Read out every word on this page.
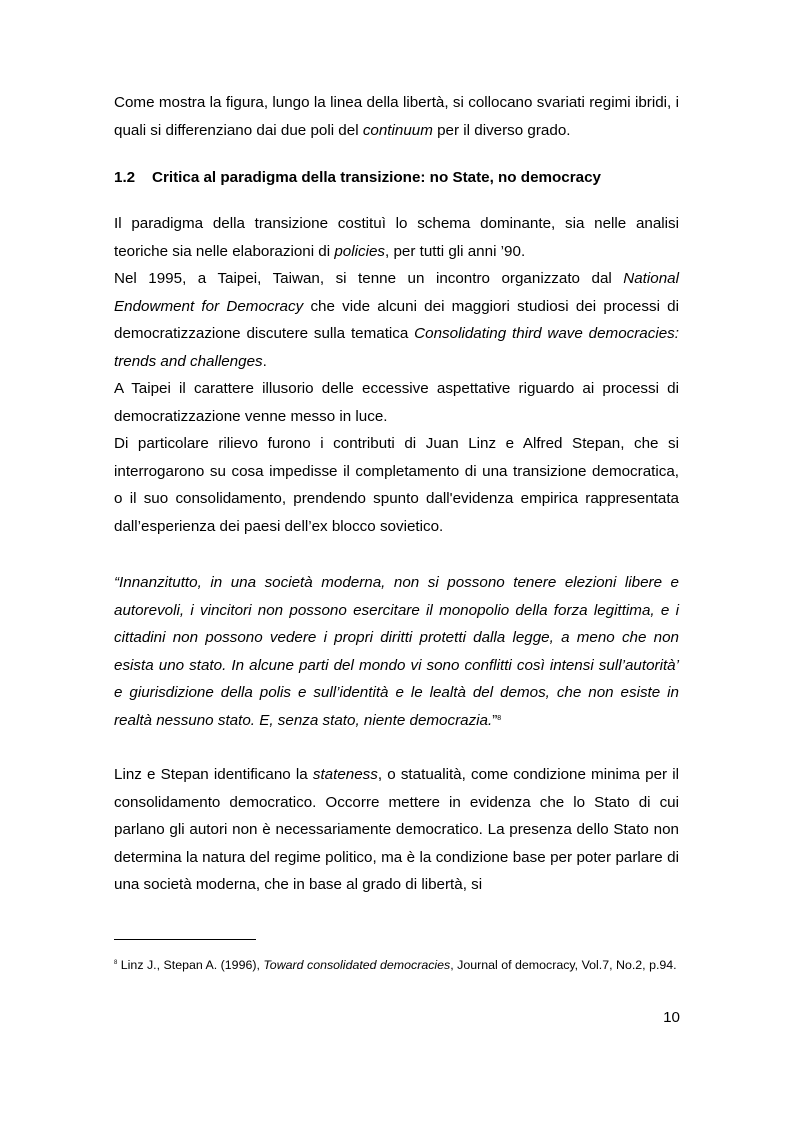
Come mostra la figura, lungo la linea della libertà, si collocano svariati regimi ibridi, i quali si differenziano dai due poli del continuum per il diverso grado.

1.2 Critica al paradigma della transizione: no State, no democracy

Il paradigma della transizione costituì lo schema dominante, sia nelle analisi teoriche sia nelle elaborazioni di policies, per tutti gli anni ’90.

Nel 1995, a Taipei, Taiwan, si tenne un incontro organizzato dal National Endowment for Democracy che vide alcuni dei maggiori studiosi dei processi di democratizzazione discutere sulla tematica Consolidating third wave democracies: trends and challenges.

A Taipei il carattere illusorio delle eccessive aspettative riguardo ai processi di democratizzazione venne messo in luce.

Di particolare rilievo furono i contributi di Juan Linz e Alfred Stepan, che si interrogarono su cosa impedisse il completamento di una transizione democratica, o il suo consolidamento, prendendo spunto dall'evidenza empirica rappresentata dall’esperienza dei paesi dell’ex blocco sovietico.

“Innanzitutto, in una società moderna, non si possono tenere elezioni libere e autorevoli, i vincitori non possono esercitare il monopolio della forza legittima, e i cittadini non possono vedere i propri diritti protetti dalla legge, a meno che non esista uno stato. In alcune parti del mondo vi sono conflitti così intensi sull’autorità’ e giurisdizione della polis e sull’identità e le lealtà del demos, che non esiste in realtà nessuno stato. E, senza stato, niente democrazia.”$^8$

Linz e Stepan identificano la stateness, o statualità, come condizione minima per il consolidamento democratico. Occorre mettere in evidenza che lo Stato di cui parlano gli autori non è necessariamente democratico. La presenza dello Stato non determina la natura del regime politico, ma è la condizione base per poter parlare di una società moderna, che in base al grado di libertà, si

$^8$ Linz J., Stepan A. (1996), Toward consolidated democracies, Journal of democracy, Vol.7, No.2, p.94.
10
